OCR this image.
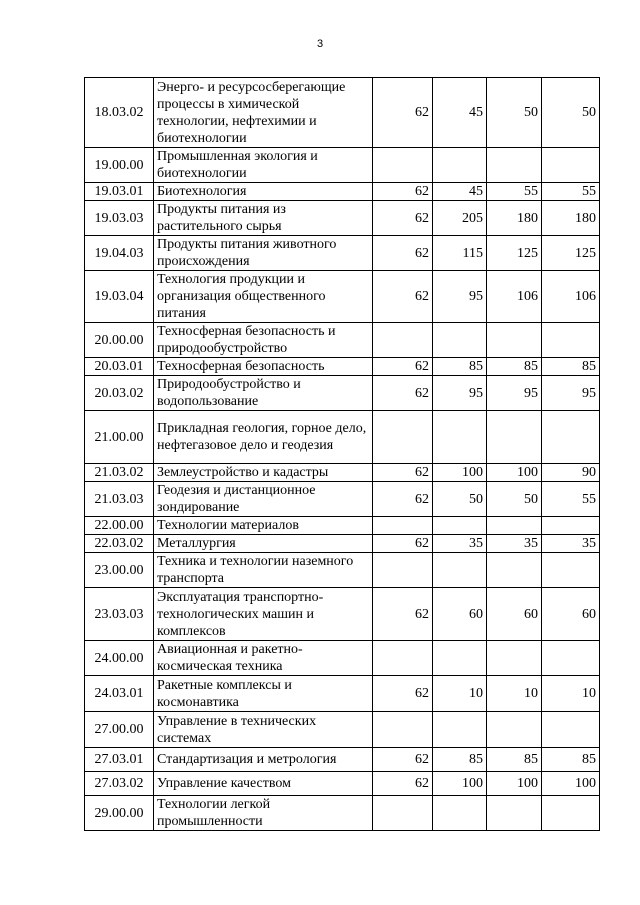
3
18.03.02	Энерго- и ресурсосберегающие процессы в химической технологии, нефтехимии и биотехнологии	62	45	50	50
19.00.00	Промышленная экология и биотехнологии				
19.03.01	Биотехнология	62	45	55	55
19.03.03	Продукты питания из растительного сырья	62	205	180	180
19.04.03	Продукты питания животного происхождения	62	115	125	125
19.03.04	Технология продукции и организация общественного питания	62	95	106	106
20.00.00	Техносферная безопасность и природообустройство				
20.03.01	Техносферная безопасность	62	85	85	85
20.03.02	Природообустройство и водопользование	62	95	95	95
21.00.00	Прикладная геология, горное дело, нефтегазовое дело и геодезия				
21.03.02	Землеустройство и кадастры	62	100	100	90
21.03.03	Геодезия и дистанционное зондирование	62	50	50	55
22.00.00	Технологии материалов				
22.03.02	Металлургия	62	35	35	35
23.00.00	Техника и технологии наземного транспорта				
23.03.03	Эксплуатация транспортно-технологических машин и комплексов	62	60	60	60
24.00.00	Авиационная и ракетно-космическая техника				
24.03.01	Ракетные комплексы и космонавтика	62	10	10	10
27.00.00	Управление в технических системах				
27.03.01	Стандартизация и метрология	62	85	85	85
27.03.02	Управление качеством	62	100	100	100
29.00.00	Технологии легкой промышленности				
